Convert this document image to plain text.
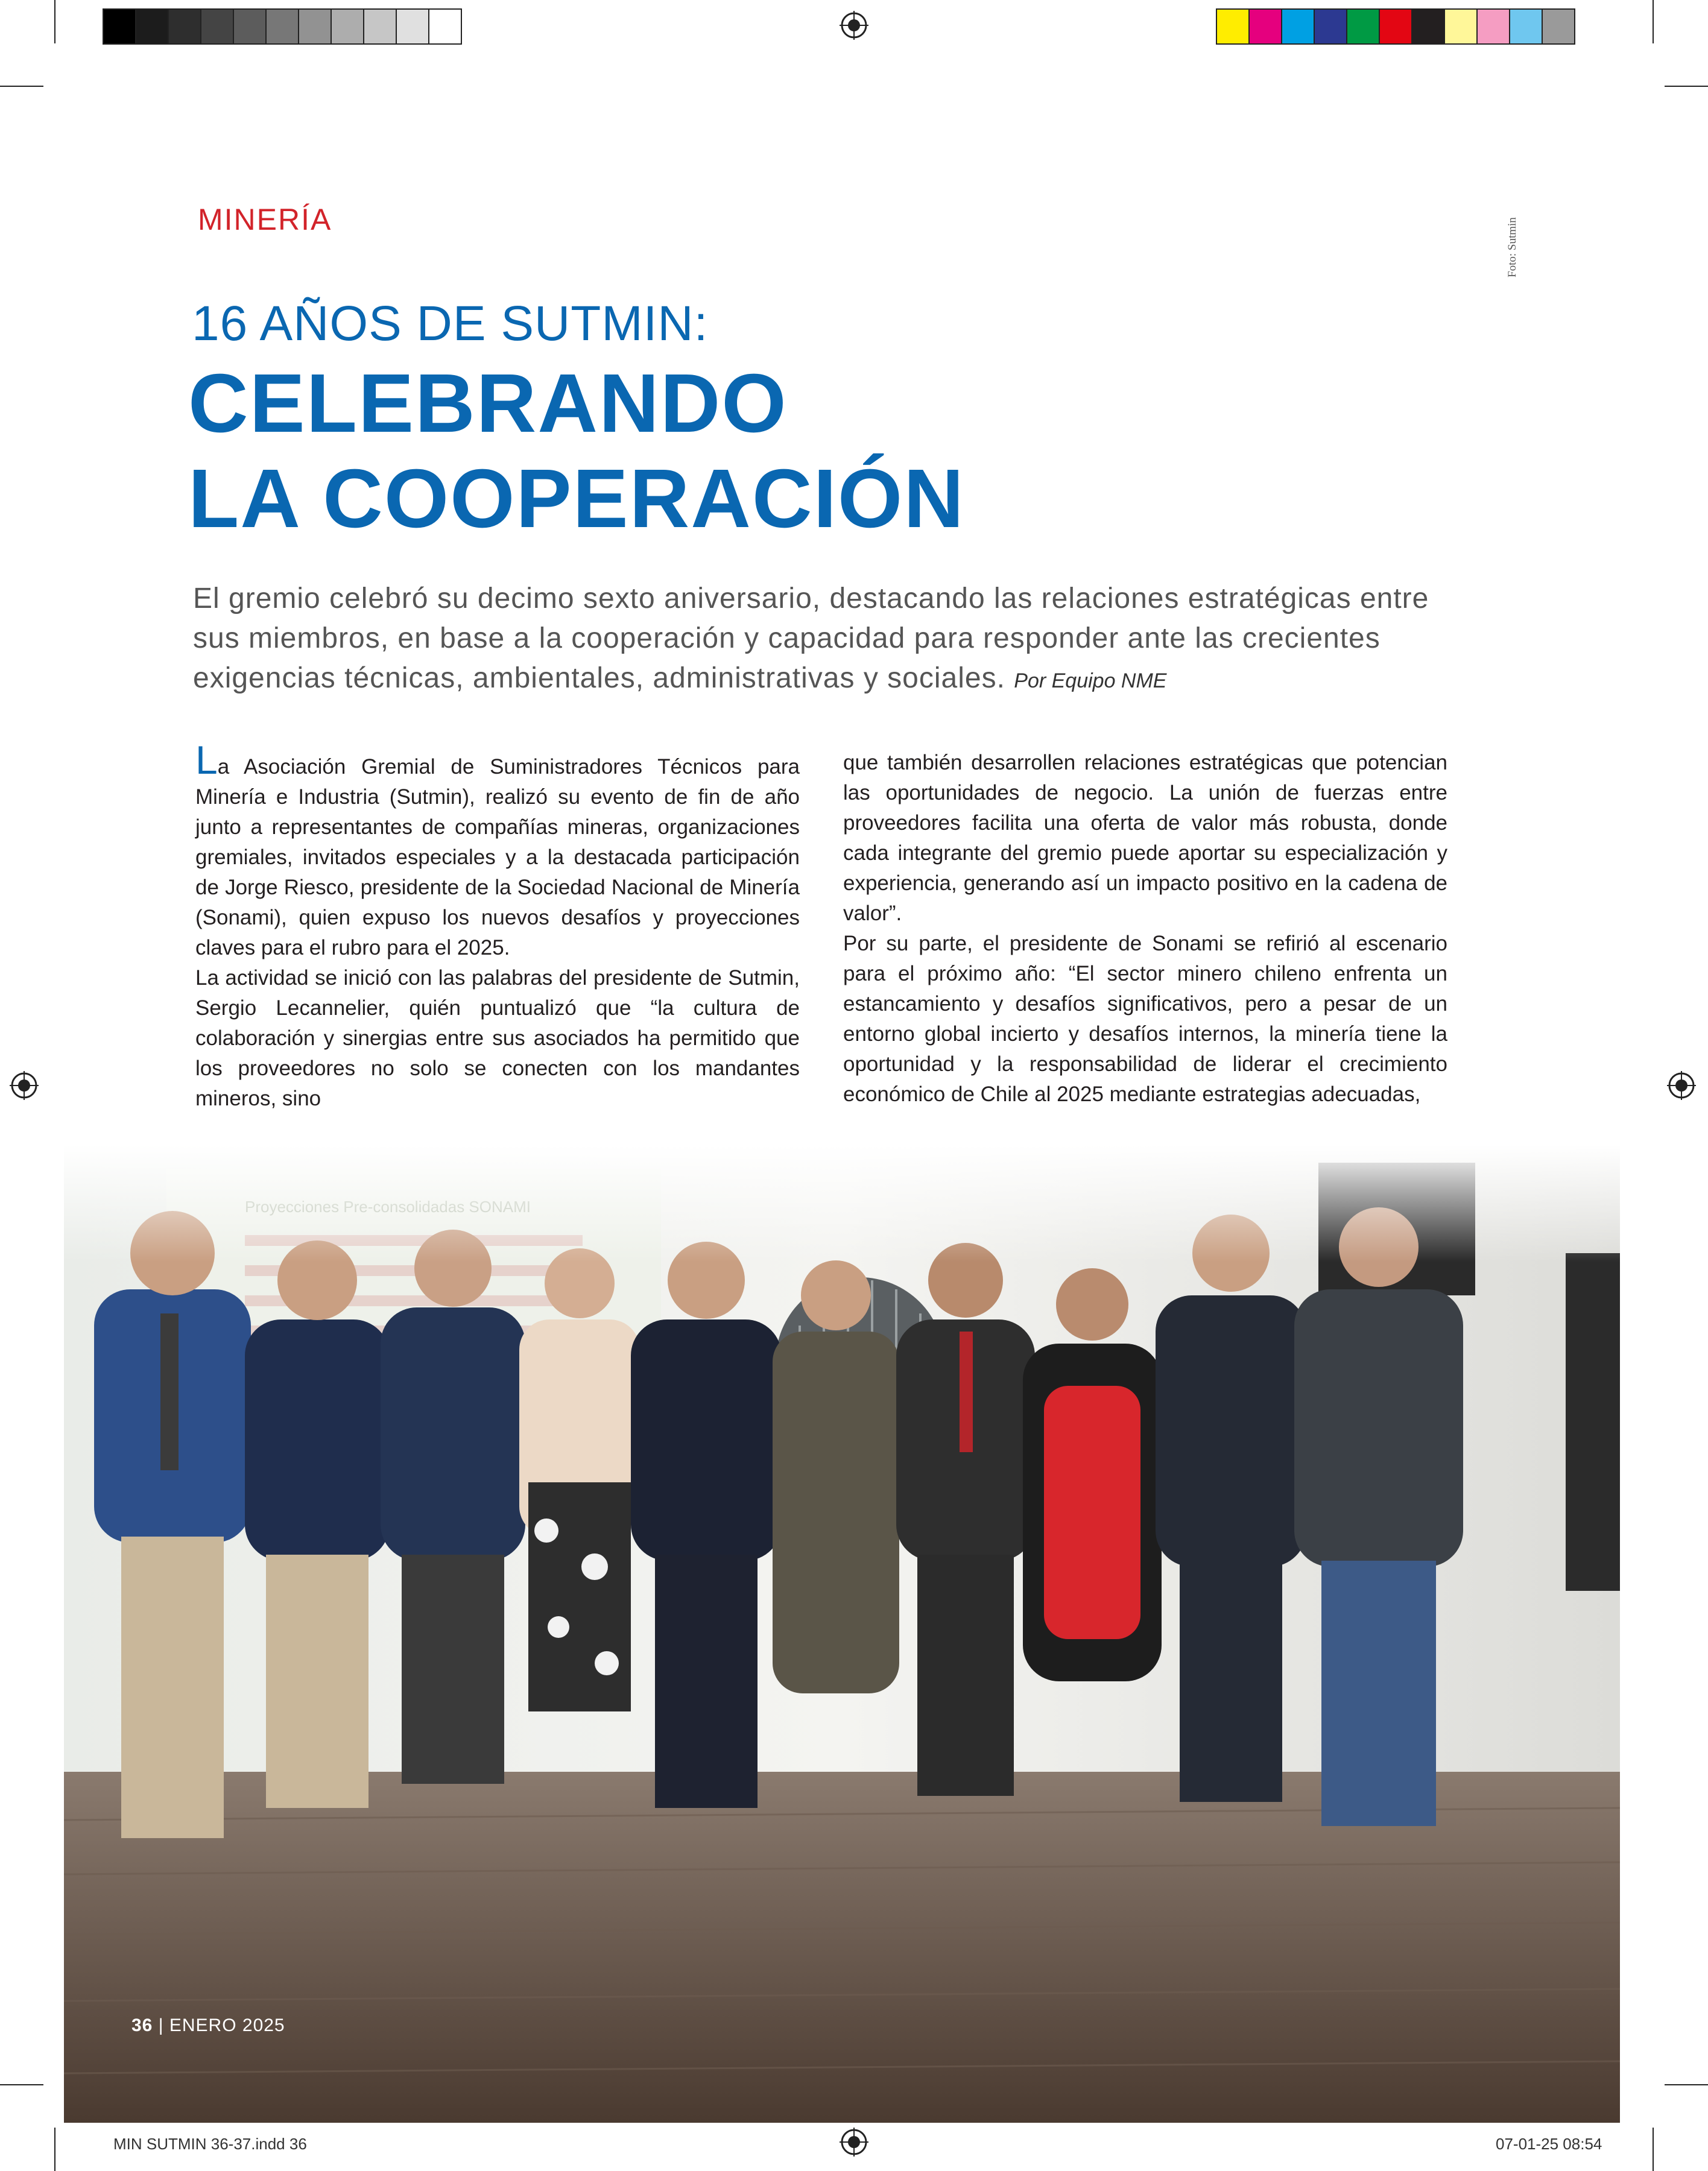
MINERÍA	Foto: Sutmin
16 AÑOS DE SUTMIN:
CELEBRANDO
LA COOPERACIÓN
El gremio celebró su decimo sexto aniversario, destacando las relaciones estratégicas entre sus miembros, en base a la cooperación y capacidad para responder ante las crecientes exigencias técnicas, ambientales, administrativas y sociales. Por Equipo NME

La Asociación Gremial de Suministradores Técnicos para Minería e Industria (Sutmin), realizó su evento de fin de año junto a representantes de compañías mineras, organizaciones gremiales, invitados especiales y a la destacada participación de Jorge Riesco, presidente de la Sociedad Nacional de Minería (Sonami), quien expuso los nuevos desafíos y proyecciones claves para el rubro para el 2025.

La actividad se inició con las palabras del presidente de Sutmin, Sergio Lecannelier, quién puntualizó que “la cultura de colaboración y sinergias entre sus asociados ha permitido que los proveedores no solo se conecten con los mandantes mineros, sino

que también desarrollen relaciones estratégicas que potencian las oportunidades de negocio. La unión de fuerzas entre proveedores facilita una oferta de valor más robusta, donde cada integrante del gremio puede aportar su especialización y experiencia, generando así un impacto positivo en la cadena de valor”.

Por su parte, el presidente de Sonami se refirió al escenario para el próximo año: “El sector minero chileno enfrenta un estancamiento y desafíos significativos, pero a pesar de un entorno global incierto y desafíos internos, la minería tiene la oportunidad y la responsabilidad de liderar el crecimiento económico de Chile al 2025 mediante estrategias adecuadas,

36 | ENERO 2025
MIN SUTMIN 36-37.indd 36	07-01-25 08:54
